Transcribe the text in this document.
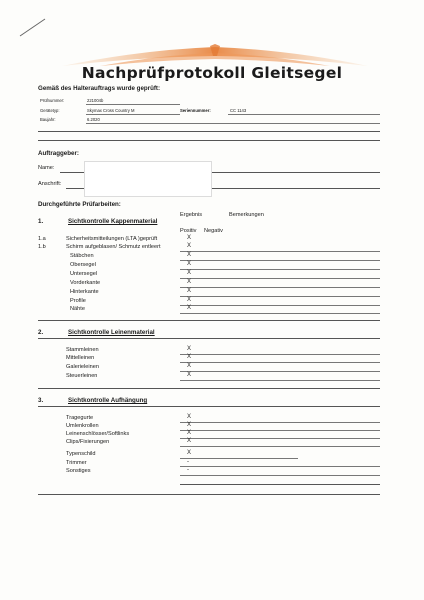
Nachprüfprotokoll Gleitsegel
Gemäß des Halterauftrags wurde geprüft:
Prüfnummer:	221004b
Gerätetyp:	Skymax Cross Country M	Seriennummer:	CC 1143
Baujahr:	6.2020
Auftraggeber:
Name:
Anschrift:
Durchgeführte Prüfarbeiten:
Ergebnis	Bemerkungen
Positiv Negativ
1.	Sichtkontrolle Kappenmaterial
1.a	Sicherheitsmitteilungen (LTA )geprüft	X
1.b	Schirm aufgeblasen/ Schmutz entleert	X
Stäbchen	X
Obersegel	X
Untersegel	X
Vorderkante	X
Hinterkante	X
Profile	X
Nähte	X
2.	Sichtkontrolle Leinenmaterial
Stammleinen	X
Mittelleinen	X
Galerieleinen	X
Steuerleinen	X
3.	Sichtkontrolle Aufhängung
Tragegurte	X
Umlenkrollen	X
Leinenschlösser/Softlinks	X
Clips/Fixierungen	X
Typenschild	X
Trimmer	-
Sonstiges	-
